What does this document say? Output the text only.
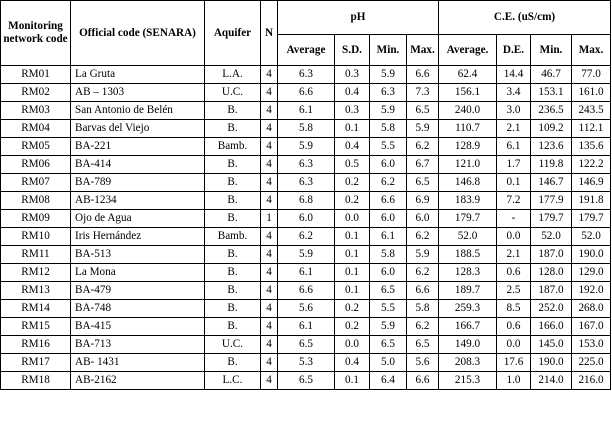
Monitoring network code	Official code (SENARA)	Aquifer	N	pH				C.E. (uS/cm)			
				Average	S.D.	Min.	Max.	Average.	D.E.	Min.	Max.
RM01	La Gruta	L.A.	4	6.3	0.3	5.9	6.6	62.4	14.4	46.7	77.0
RM02	AB – 1303	U.C.	4	6.6	0.4	6.3	7.3	156.1	3.4	153.1	161.0
RM03	San Antonio de Belén	B.	4	6.1	0.3	5.9	6.5	240.0	3.0	236.5	243.5
RM04	Barvas del Viejo	B.	4	5.8	0.1	5.8	5.9	110.7	2.1	109.2	112.1
RM05	BA-221	Bamb.	4	5.9	0.4	5.5	6.2	128.9	6.1	123.6	135.6
RM06	BA-414	B.	4	6.3	0.5	6.0	6.7	121.0	1.7	119.8	122.2
RM07	BA-789	B.	4	6.3	0.2	6.2	6.5	146.8	0.1	146.7	146.9
RM08	AB-1234	B.	4	6.8	0.2	6.6	6.9	183.9	7.2	177.9	191.8
RM09	Ojo de Agua	B.	1	6.0	0.0	6.0	6.0	179.7	-	179.7	179.7
RM10	Iris Hernández	Bamb.	4	6.2	0.1	6.1	6.2	52.0	0.0	52.0	52.0
RM11	BA-513	B.	4	5.9	0.1	5.8	5.9	188.5	2.1	187.0	190.0
RM12	La Mona	B.	4	6.1	0.1	6.0	6.2	128.3	0.6	128.0	129.0
RM13	BA-479	B.	4	6.6	0.1	6.5	6.6	189.7	2.5	187.0	192.0
RM14	BA-748	B.	4	5.6	0.2	5.5	5.8	259.3	8.5	252.0	268.0
RM15	BA-415	B.	4	6.1	0.2	5.9	6.2	166.7	0.6	166.0	167.0
RM16	BA-713	U.C.	4	6.5	0.0	6.5	6.5	149.0	0.0	145.0	153.0
RM17	AB- 1431	B.	4	5.3	0.4	5.0	5.6	208.3	17.6	190.0	225.0
RM18	AB-2162	L.C.	4	6.5	0.1	6.4	6.6	215.3	1.0	214.0	216.0
